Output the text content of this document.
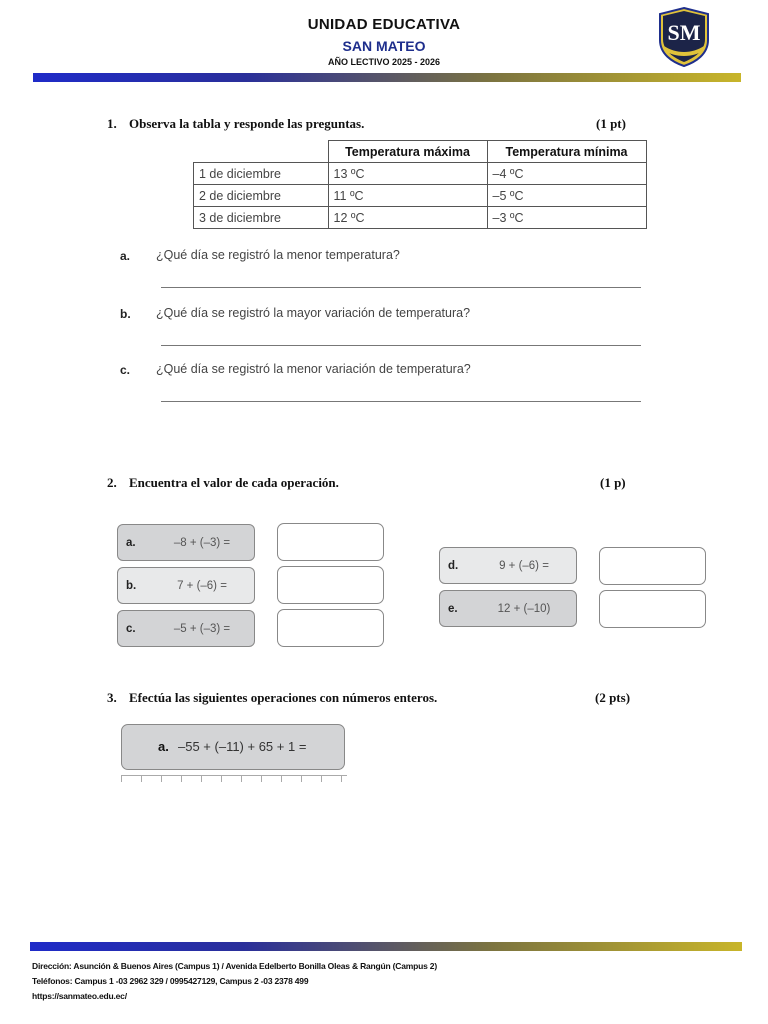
UNIDAD EDUCATIVA
SAN MATEO
AÑO LECTIVO 2025 - 2026
SM
1. Observa la tabla y responde las preguntas.	(1 pt)
	Temperatura máxima	Temperatura mínima
1 de diciembre	13 ºC	–4 ºC
2 de diciembre	11 ºC	–5 ºC
3 de diciembre	12 ºC	–3 ºC
a. ¿Qué día se registró la menor temperatura?
b. ¿Qué día se registró la mayor variación de temperatura?
c. ¿Qué día se registró la menor variación de temperatura?
2. Encuentra el valor de cada operación.	(1 p)
a.	–8 + (–3) =
b.	7 + (–6) =
c.	–5 + (–3) =
d.	9 + (–6) =
e.	12 + (–10)
3. Efectúa las siguientes operaciones con números enteros.	(2 pts)
a. –55 + (–11) + 65 + 1 =
Dirección: Asunción & Buenos Aires (Campus 1) / Avenida Edelberto Bonilla Oleas & Rangún (Campus 2)
Teléfonos: Campus 1 -03 2962 329 / 0995427129, Campus 2 -03 2378 499
https://sanmateo.edu.ec/
